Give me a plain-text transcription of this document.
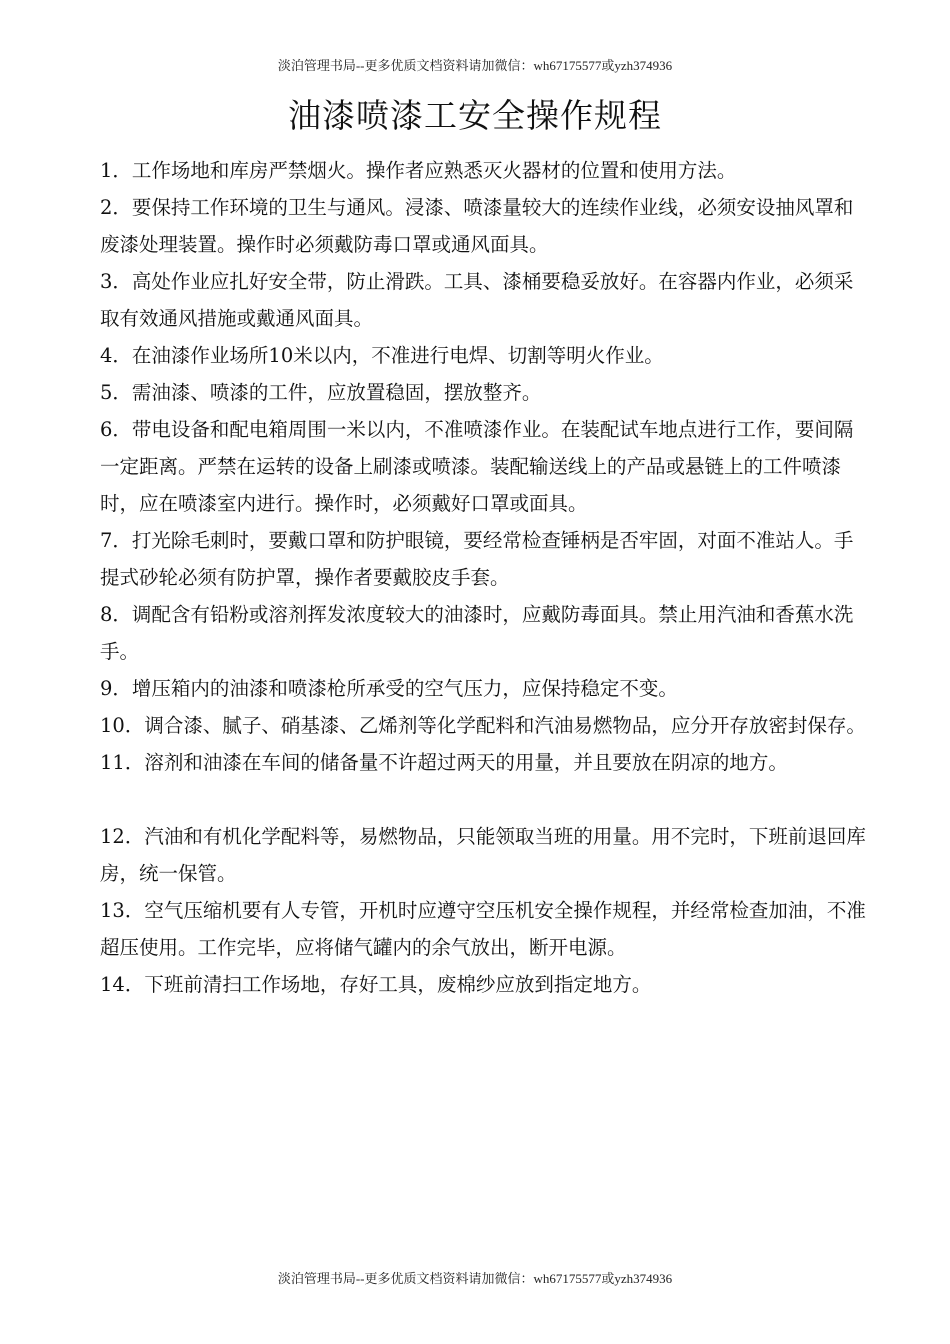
淡泊管理书局--更多优质文档资料请加微信：wh67175577或yzh374936
油漆喷漆工安全操作规程

1．工作场地和库房严禁烟火。操作者应熟悉灭火器材的位置和使用方法。

2．要保持工作环境的卫生与通风。浸漆、喷漆量较大的连续作业线，必须安设抽风罩和废漆处理装置。操作时必须戴防毒口罩或通风面具。

3．高处作业应扎好安全带，防止滑跌。工具、漆桶要稳妥放好。在容器内作业，必须采取有效通风措施或戴通风面具。

4．在油漆作业场所10米以内，不准进行电焊、切割等明火作业。

5．需油漆、喷漆的工件，应放置稳固，摆放整齐。

6．带电设备和配电箱周围一米以内，不准喷漆作业。在装配试车地点进行工作，要间隔一定距离。严禁在运转的设备上刷漆或喷漆。装配输送线上的产品或悬链上的工件喷漆时，应在喷漆室内进行。操作时，必须戴好口罩或面具。

7．打光除毛刺时，要戴口罩和防护眼镜，要经常检查锤柄是否牢固，对面不准站人。手提式砂轮必须有防护罩，操作者要戴胶皮手套。

8．调配含有铅粉或溶剂挥发浓度较大的油漆时，应戴防毒面具。禁止用汽油和香蕉水洗手。

9．增压箱内的油漆和喷漆枪所承受的空气压力，应保持稳定不变。

10．调合漆、腻子、硝基漆、乙烯剂等化学配料和汽油易燃物品，应分开存放密封保存。

11．溶剂和油漆在车间的储备量不许超过两天的用量，并且要放在阴凉的地方。

12．汽油和有机化学配料等，易燃物品，只能领取当班的用量。用不完时，下班前退回库房，统一保管。

13．空气压缩机要有人专管，开机时应遵守空压机安全操作规程，并经常检查加油，不准超压使用。工作完毕，应将储气罐内的余气放出，断开电源。

14．下班前清扫工作场地，存好工具，废棉纱应放到指定地方。

淡泊管理书局--更多优质文档资料请加微信：wh67175577或yzh374936
